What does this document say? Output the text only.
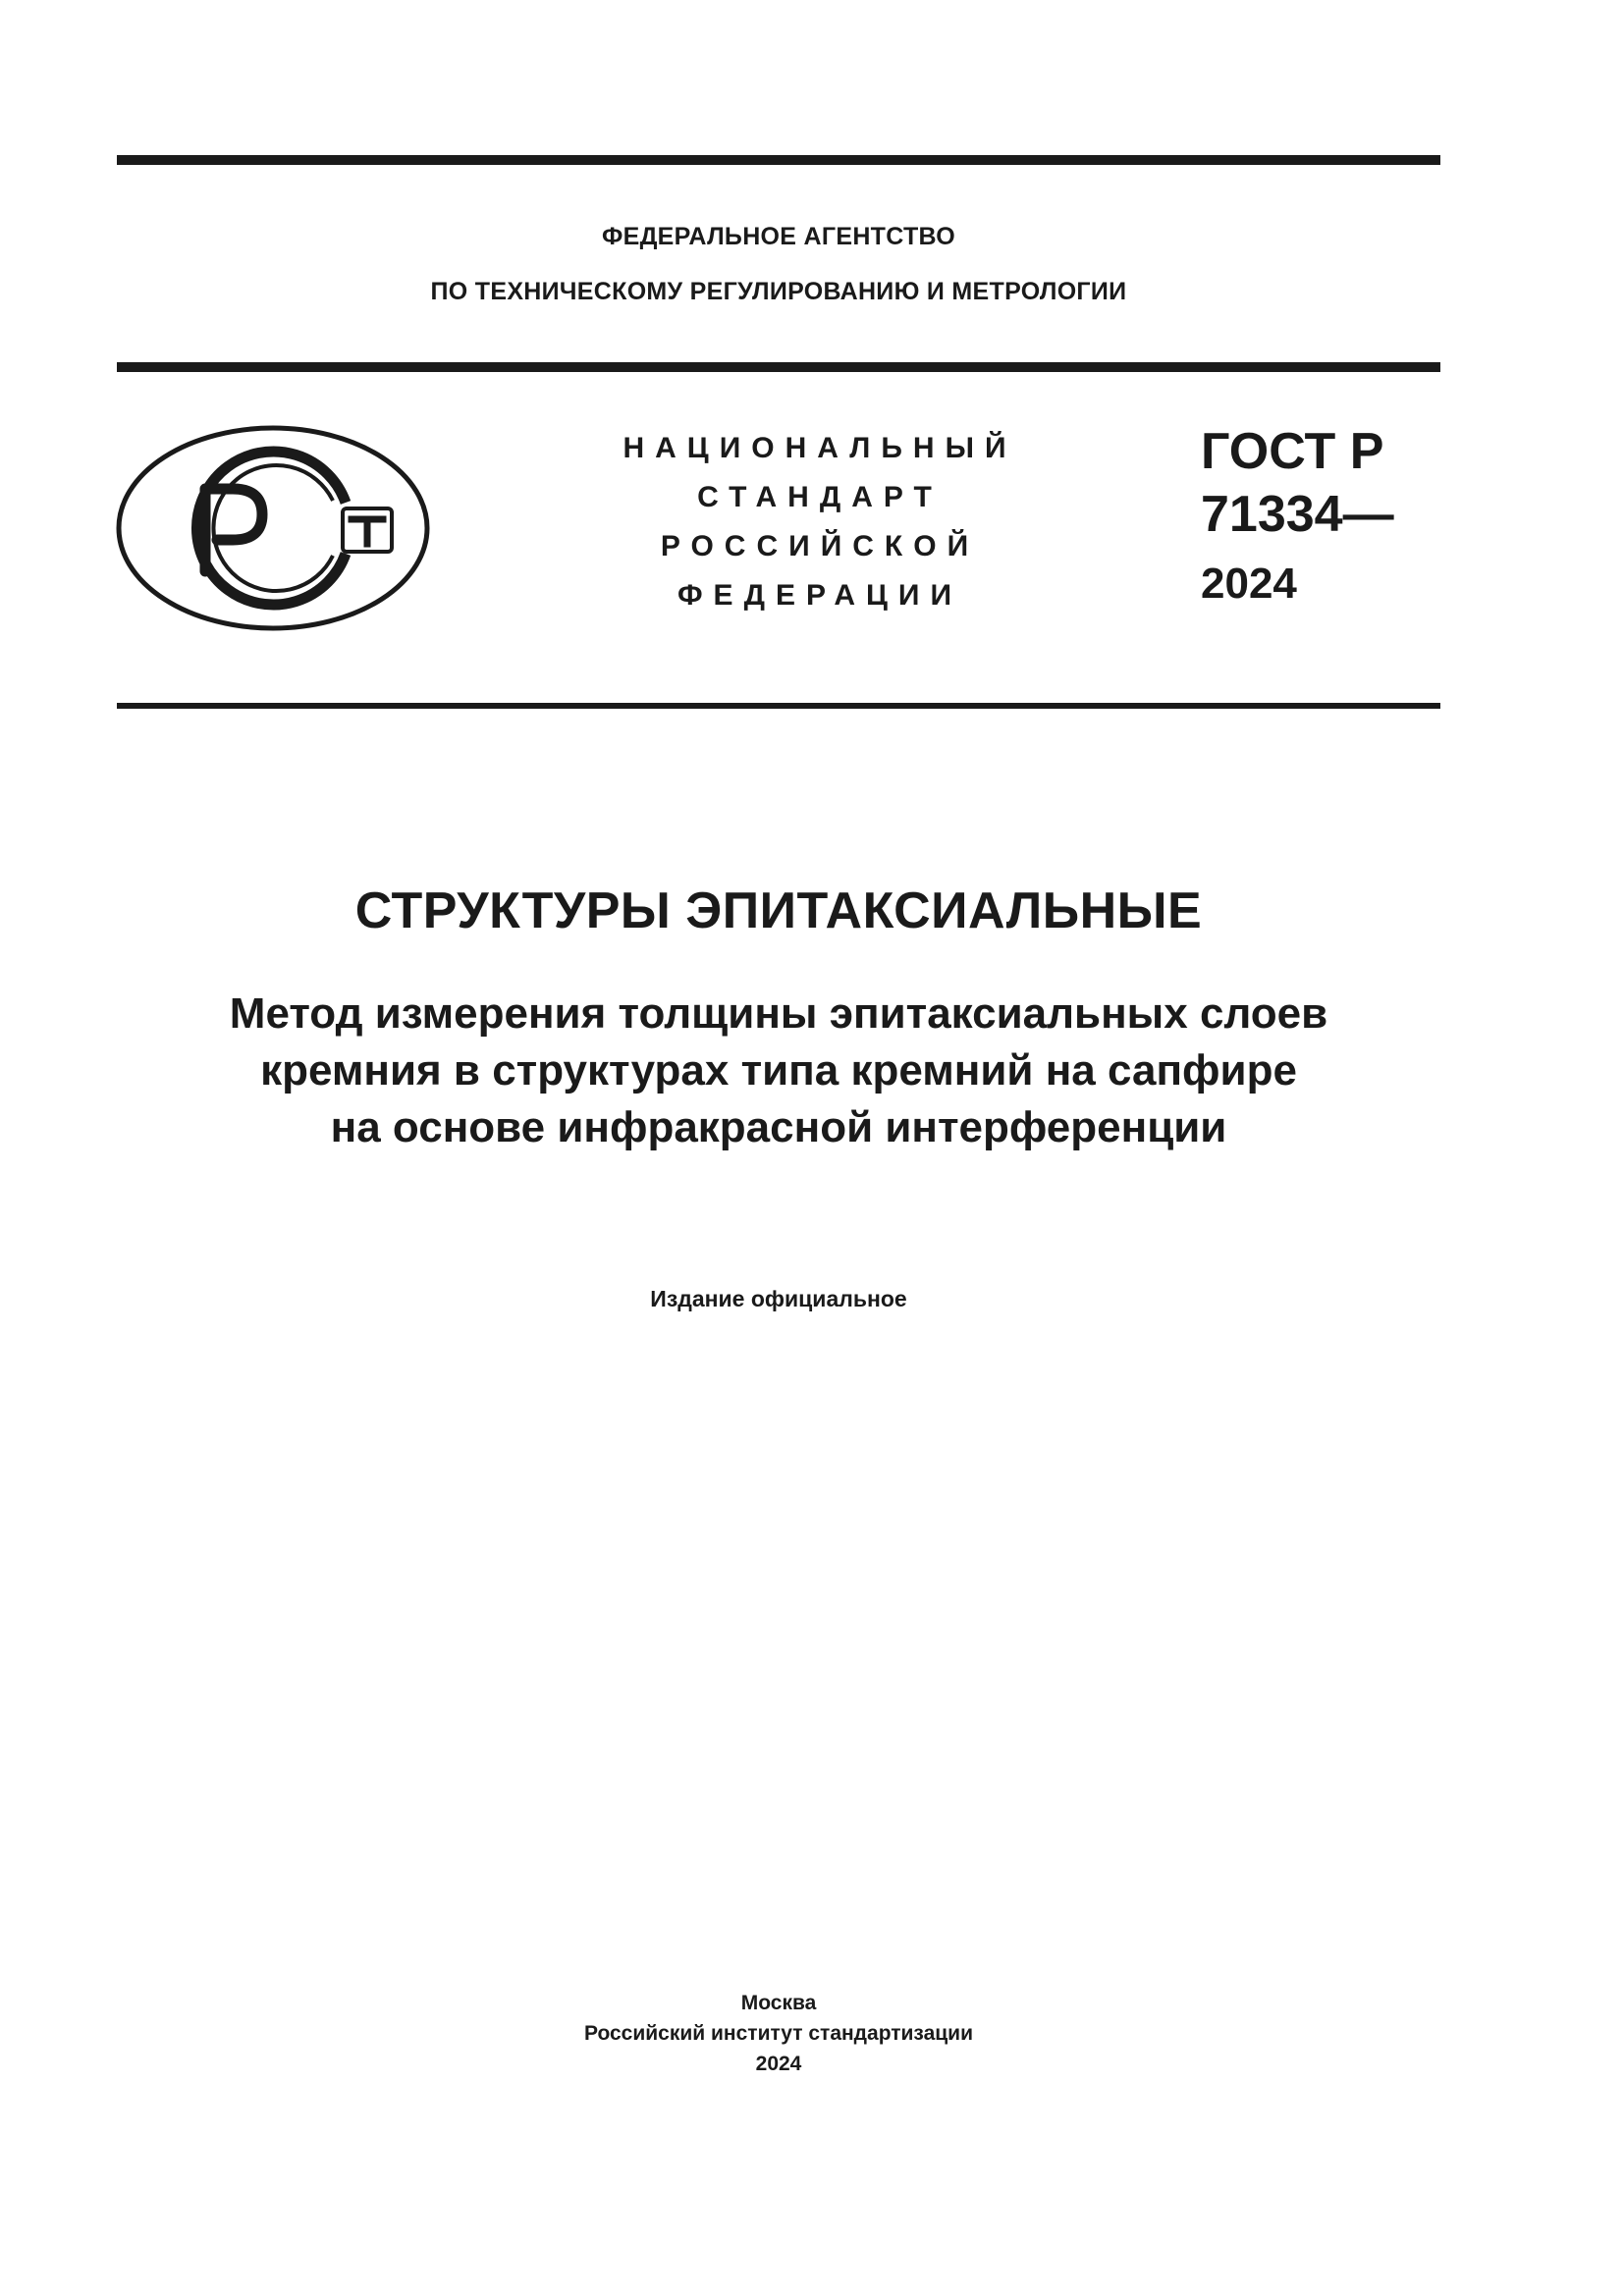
ФЕДЕРАЛЬНОЕ АГЕНТСТВО
ПО ТЕХНИЧЕСКОМУ РЕГУЛИРОВАНИЮ И МЕТРОЛОГИИ
НАЦИОНАЛЬНЫЙ
СТАНДАРТ
РОССИЙСКОЙ
ФЕДЕРАЦИИ
ГОСТ Р
71334—
2024
СТРУКТУРЫ ЭПИТАКСИАЛЬНЫЕ
Метод измерения толщины эпитаксиальных слоев
кремния в структурах типа кремний на сапфире
на основе инфракрасной интерференции
Издание официальное
Москва
Российский институт стандартизации
2024
